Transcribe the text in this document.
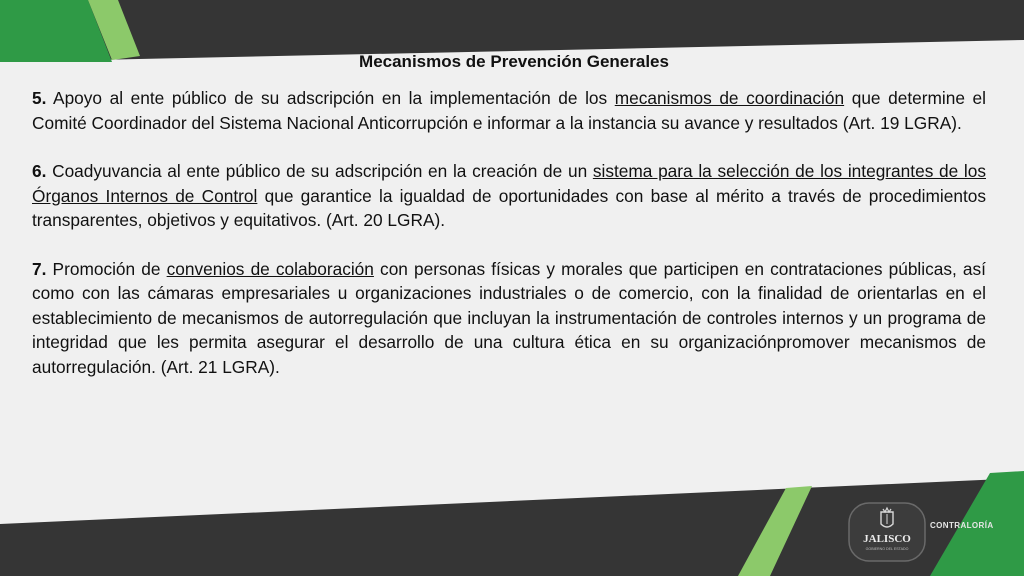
Mecanismos de Prevención Generales

5. Apoyo al ente público de su adscripción en la implementación de los mecanismos de coordinación que determine el Comité Coordinador del Sistema Nacional Anticorrupción e informar a la instancia su avance y resultados (Art. 19 LGRA).

6. Coadyuvancia al ente público de su adscripción en la creación de un sistema para la selección de los integrantes de los Órganos Internos de Control que garantice la igualdad de oportunidades con base al mérito a través de procedimientos transparentes, objetivos y equitativos. (Art. 20 LGRA).

7. Promoción de convenios de colaboración con personas físicas y morales que participen en contrataciones públicas, así como con las cámaras empresariales u organizaciones industriales o de comercio, con la finalidad de orientarlas en el establecimiento de mecanismos de autorregulación que incluyan la instrumentación de controles internos y un programa de integridad que les permita asegurar el desarrollo de una cultura ética en su organizaciónpromover mecanismos de autorregulación. (Art. 21 LGRA).

JALISCO
GOBIERNO DEL ESTADO
CONTRALORÍA
